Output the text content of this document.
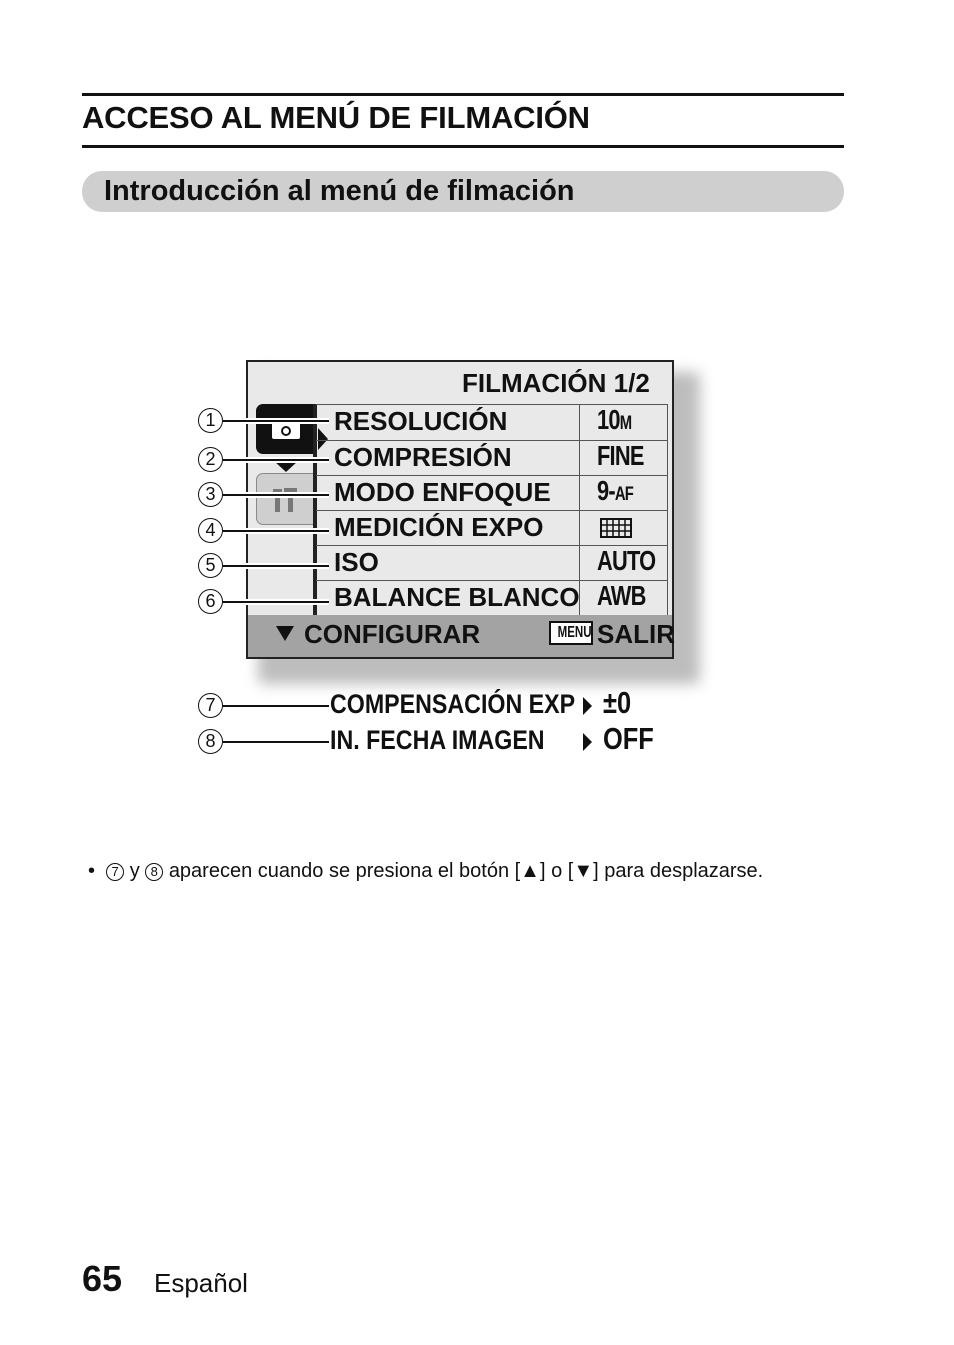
ACCESO AL MENÚ DE FILMACIÓN
Introducción al menú de filmación
FILMACIÓN 1/2
RESOLUCIÓN	10M
COMPRESIÓN	FINE
MODO ENFOQUE 9-AF
MEDICIÓN EXPO
ISO	AUTO
BALANCE BLANCO AWB
CONFIGURAR	MENU SALIR
1
2
3
4
5
6
7	COMPENSACIÓN EXP ±0
8	IN. FECHA IMAGEN OFF
•  7 y 8 aparecen cuando se presiona el botón [▲] o [▼] para desplazarse.
65 Español
